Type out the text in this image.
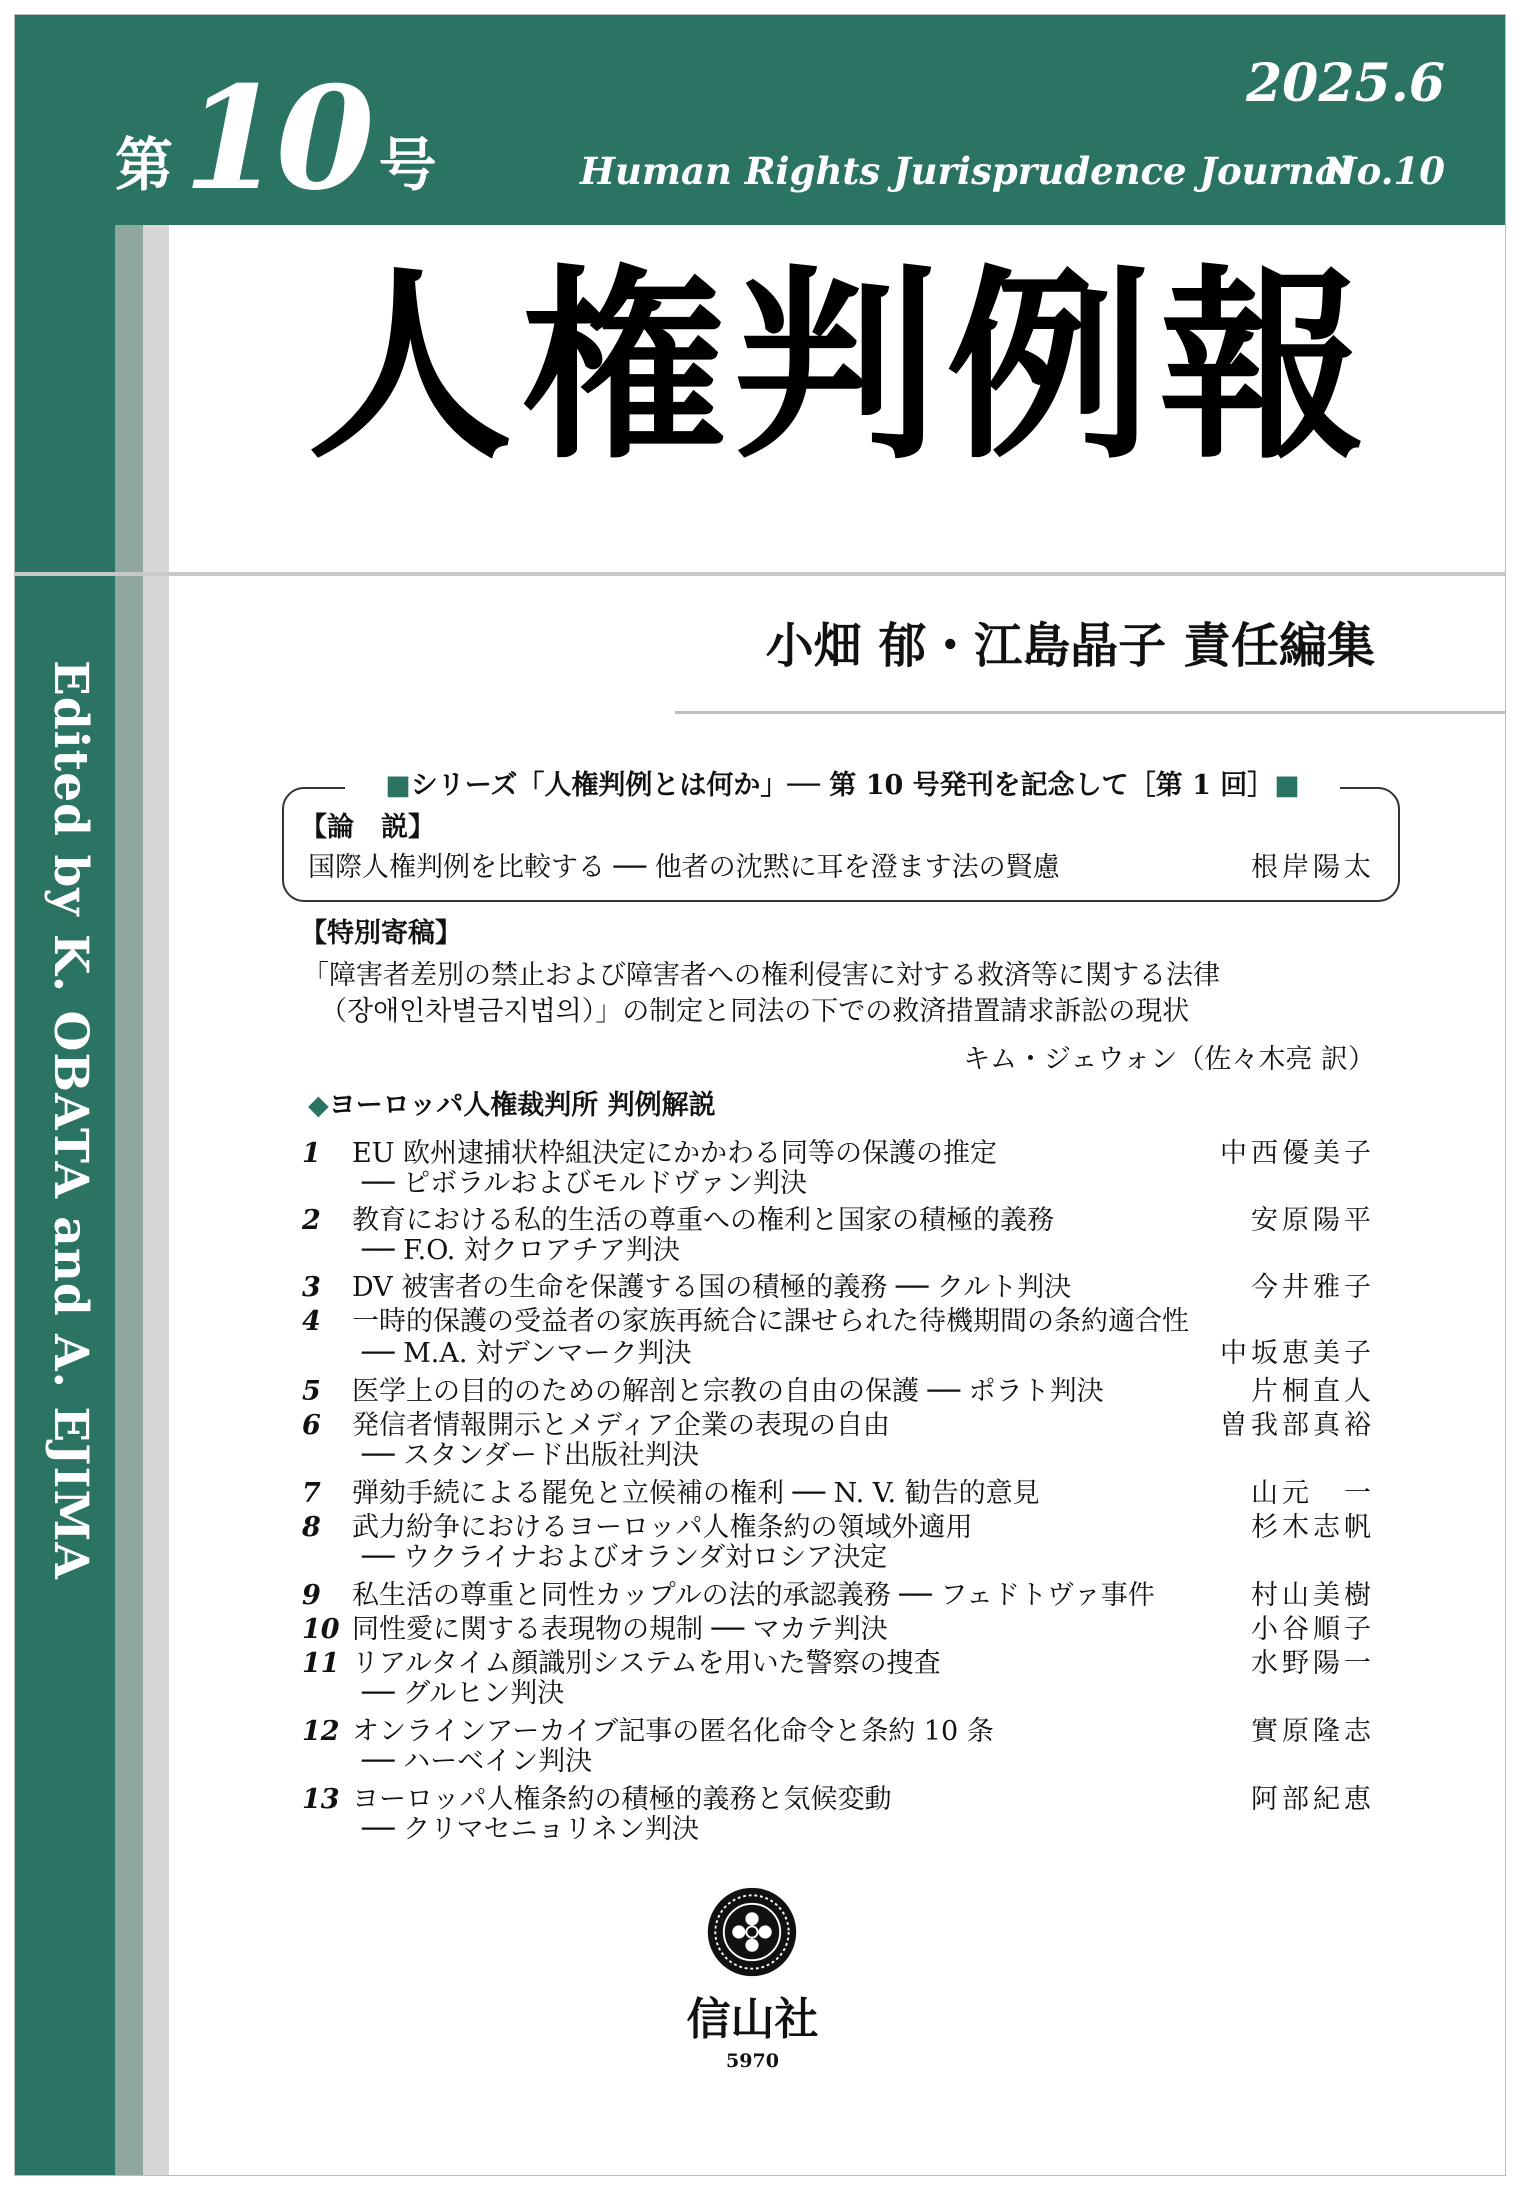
第 10 号
2025.6
Human Rights Jurisprudence Journal
No.10
Edited by K. OBATA and A. EJIMA
人権判例報
小畑 郁・江島晶子 責任編集
■シリーズ「人権判例とは何か」── 第 10 号発刊を記念して［第 1 回］■
【論　説】
国際人権判例を比較する ── 他者の沈黙に耳を澄ます法の賢慮	根岸陽太
【特別寄稿】
「障害者差別の禁止および障害者への権利侵害に対する救済等に関する法律
（장애인차별금지법의）」の制定と同法の下での救済措置請求訴訟の現状
キム・ジェウォン（佐々木亮 訳）
◆ヨーロッパ人権裁判所 判例解説
1	EU 欧州逮捕状枠組決定にかかわる同等の保護の推定	中西優美子
── ピボラルおよびモルドヴァン判決
2	教育における私的生活の尊重への権利と国家の積極的義務	安原陽平
── F.O. 対クロアチア判決
3	DV 被害者の生命を保護する国の積極的義務 ── クルト判決	今井雅子
4	一時的保護の受益者の家族再統合に課せられた待機期間の条約適合性
── M.A. 対デンマーク判決	中坂恵美子
5	医学上の目的のための解剖と宗教の自由の保護 ── ポラト判決	片桐直人
6	発信者情報開示とメディア企業の表現の自由	曽我部真裕
── スタンダード出版社判決
7	弾劾手続による罷免と立候補の権利 ── N. V. 勧告的意見	山元　一
8	武力紛争におけるヨーロッパ人権条約の領域外適用	杉木志帆
── ウクライナおよびオランダ対ロシア決定
9	私生活の尊重と同性カップルの法的承認義務 ── フェドトヴァ事件	村山美樹
10 同性愛に関する表現物の規制 ── マカテ判決	小谷順子
11 リアルタイム顔識別システムを用いた警察の捜査	水野陽一
── グルヒン判決
12 オンラインアーカイブ記事の匿名化命令と条約 10 条	實原隆志
── ハーベイン判決
13 ヨーロッパ人権条約の積極的義務と気候変動	阿部紀恵
── クリマセニョリネン判決
信山社
5970
